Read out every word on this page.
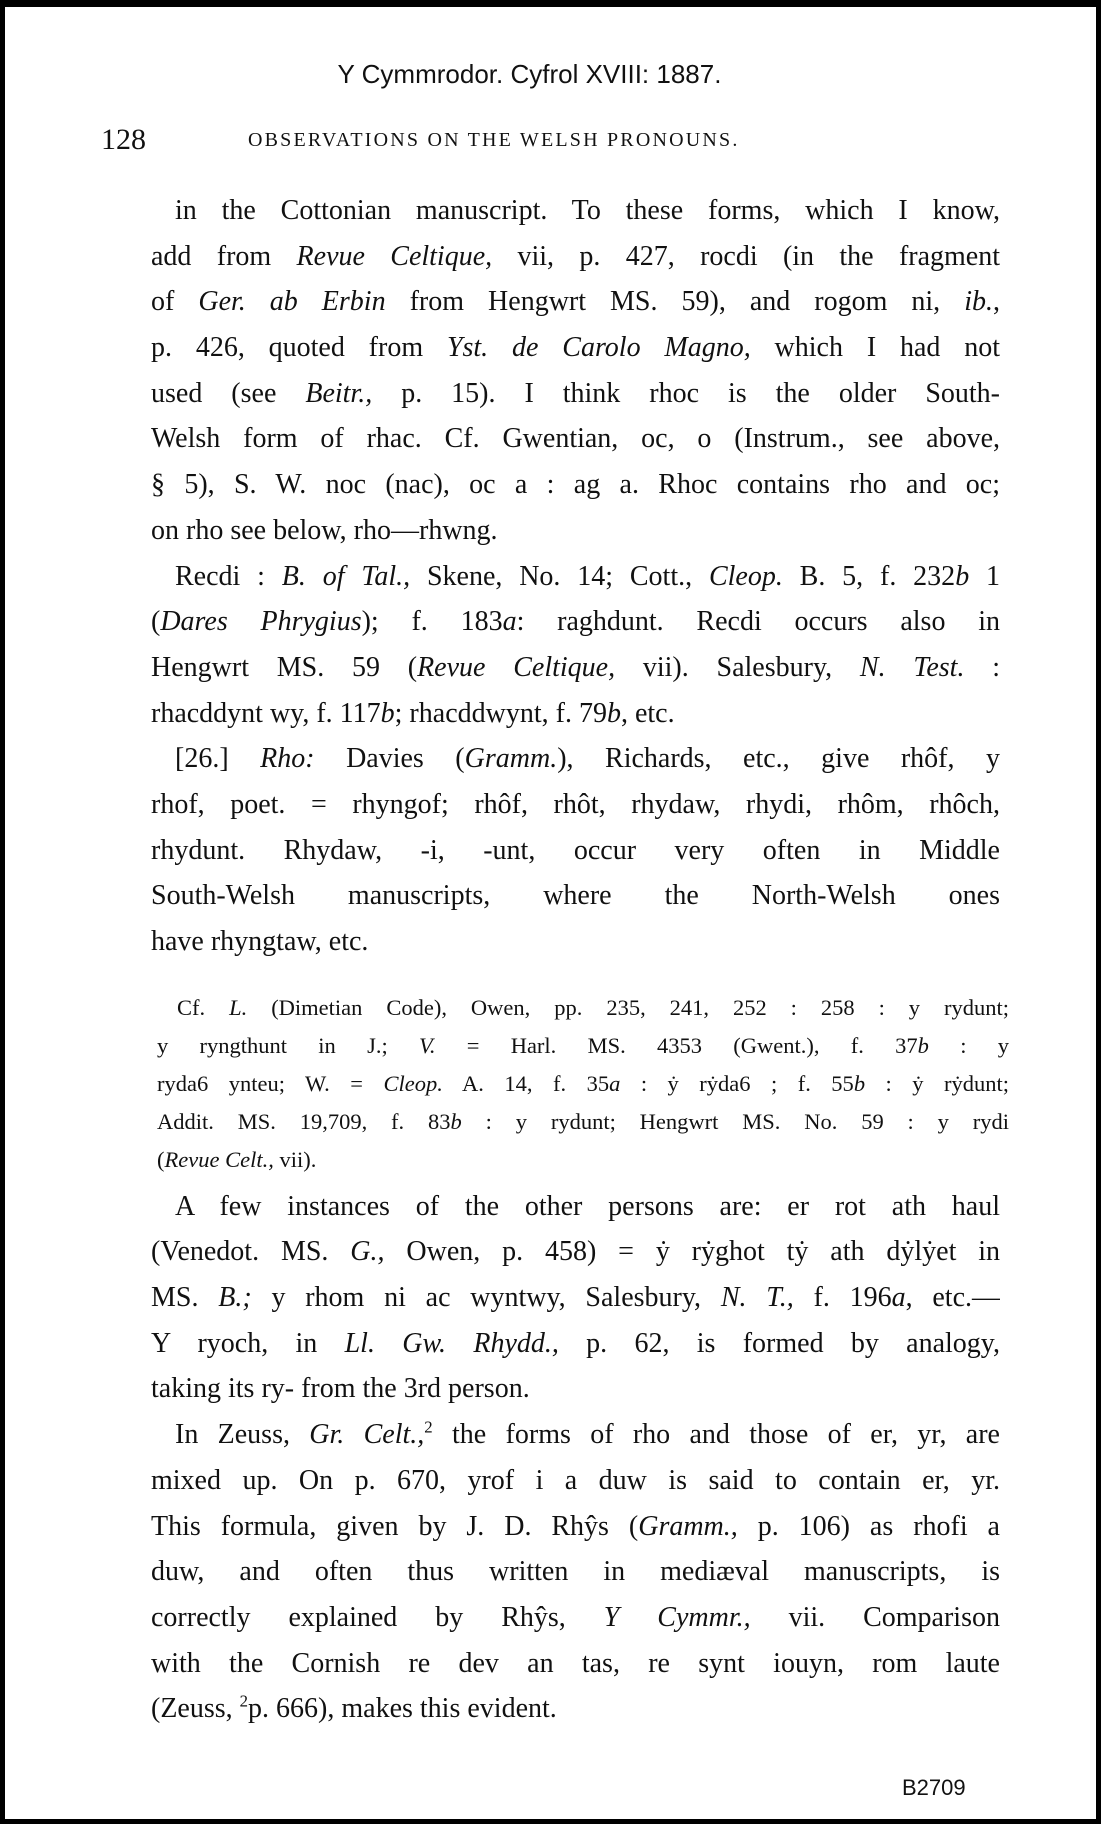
Y Cymmrodor. Cyfrol XVIII: 1887.
128	OBSERVATIONS ON THE WELSH PRONOUNS.
in the Cottonian manuscript. To these forms, which I know,
add from Revue Celtique, vii, p. 427, rocdi (in the fragment
of Ger. ab Erbin from Hengwrt MS. 59), and rogom ni, ib.,
p. 426, quoted from Yst. de Carolo Magno, which I had not
used (see Beitr., p. 15). I think rhoc is the older South-
Welsh form of rhac. Cf. Gwentian, oc, o (Instrum., see above,
§ 5), S. W. noc (nac), oc a : ag a. Rhoc contains rho and oc;
on rho see below, rho—rhwng.
Recdi : B. of Tal., Skene, No. 14; Cott., Cleop. B. 5, f. 232b 1
(Dares Phrygius); f. 183a: raghdunt. Recdi occurs also in
Hengwrt MS. 59 (Revue Celtique, vii). Salesbury, N. Test. :
rhacddynt wy, f. 117b; rhacddwynt, f. 79b, etc.
[26.] Rho: Davies (Gramm.), Richards, etc., give rhôf, y
rhof, poet. = rhyngof; rhôf, rhôt, rhydaw, rhydi, rhôm, rhôch,
rhydunt. Rhydaw, -i, -unt, occur very often in Middle
South-Welsh manuscripts, where the North-Welsh ones
have rhyngtaw, etc.
Cf. L. (Dimetian Code), Owen, pp. 235, 241, 252 : 258 : y rydunt;
y ryngthunt in J.; V. = Harl. MS. 4353 (Gwent.), f. 37b : y
ryda6 ynteu; W. = Cleop. A. 14, f. 35a : ẏ rẏda6 ; f. 55b : ẏ rẏdunt;
Addit. MS. 19,709, f. 83b : y rydunt; Hengwrt MS. No. 59 : y rydi
(Revue Celt., vii).
A few instances of the other persons are: er rot ath haul
(Venedot. MS. G., Owen, p. 458) = ẏ rẏghot tẏ ath dẏlẏet in
MS. B.; y rhom ni ac wyntwy, Salesbury, N. T., f. 196a, etc.—
Y ryoch, in Ll. Gw. Rhydd., p. 62, is formed by analogy,
taking its ry- from the 3rd person.
In Zeuss, Gr. Celt.,$^2$ the forms of rho and those of er, yr, are
mixed up. On p. 670, yrof i a duw is said to contain er, yr.
This formula, given by J. D. Rhŷs (Gramm., p. 106) as rhofi a
duw, and often thus written in mediæval manuscripts, is
correctly explained by Rhŷs, Y Cymmr., vii. Comparison
with the Cornish re dev an tas, re synt iouyn, rom laute
(Zeuss, $^2$p. 666), makes this evident.
B2709
